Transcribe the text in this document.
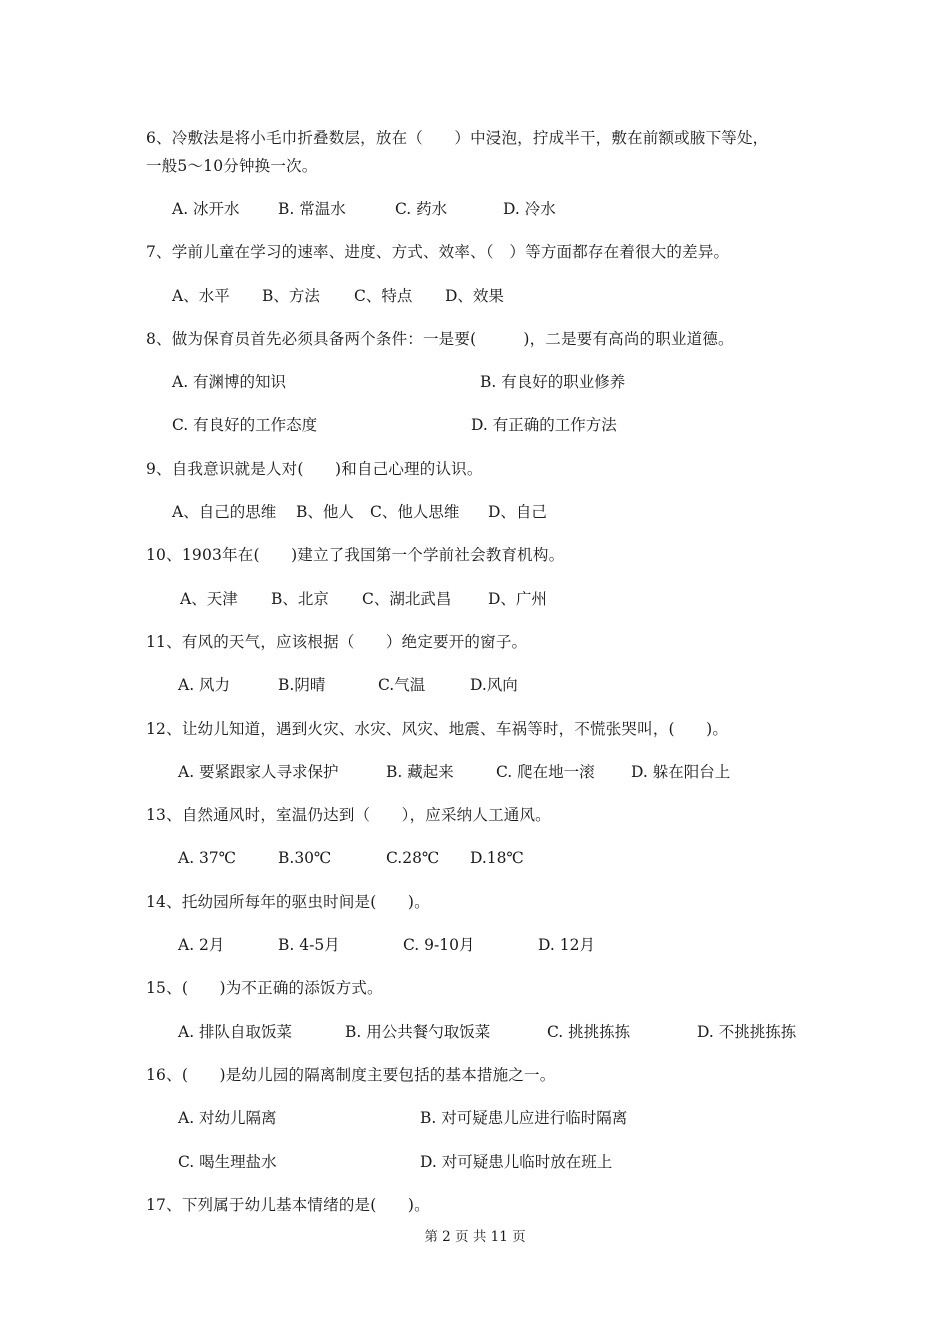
6、冷敷法是将小毛巾折叠数层，放在（　　）中浸泡，拧成半干，敷在前额或腋下等处，
一般5～10分钟换一次。
A. 冰开水 B. 常温水	C. 药水	D. 冷水
7、学前儿童在学习的速率、进度、方式、效率、（　）等方面都存在着很大的差异。
A、水平 B、方法 C、特点 D、效果
8、做为保育员首先必须具备两个条件：一是要(　　　)，二是要有高尚的职业道德。
A. 有渊博的知识	B. 有良好的职业修养
C. 有良好的工作态度	D. 有正确的工作方法
9、自我意识就是人对(　　)和自己心理的认识。
A、自己的思维 B、他人 C、他人思维 D、自己
10、1903年在(　　)建立了我国第一个学前社会教育机构。
A、天津 B、北京 C、湖北武昌 D、广州
11、有风的天气，应该根据（　　）绝定要开的窗子。
A. 风力	B.阴晴	C.气温	D.风向
12、让幼儿知道，遇到火灾、水灾、风灾、地震、车祸等时，不慌张哭叫，(　　)。
A. 要紧跟家人寻求保护	B. 藏起来	C. 爬在地一滚 D. 躲在阳台上
13、自然通风时，室温仍达到（　　），应采纳人工通风。
A. 37℃	B.30℃	C.28℃ D.18℃
14、托幼园所每年的驱虫时间是(　　)。
A. 2月	B. 4-5月	C. 9-10月	D. 12月
15、(　　)为不正确的添饭方式。
A. 排队自取饭菜	B. 用公共餐勺取饭菜	C. 挑挑拣拣	D. 不挑挑拣拣
16、(　　)是幼儿园的隔离制度主要包括的基本措施之一。
A. 对幼儿隔离	B. 对可疑患儿应进行临时隔离
C. 喝生理盐水	D. 对可疑患儿临时放在班上
17、下列属于幼儿基本情绪的是(　　)。
第 2 页 共 11 页
